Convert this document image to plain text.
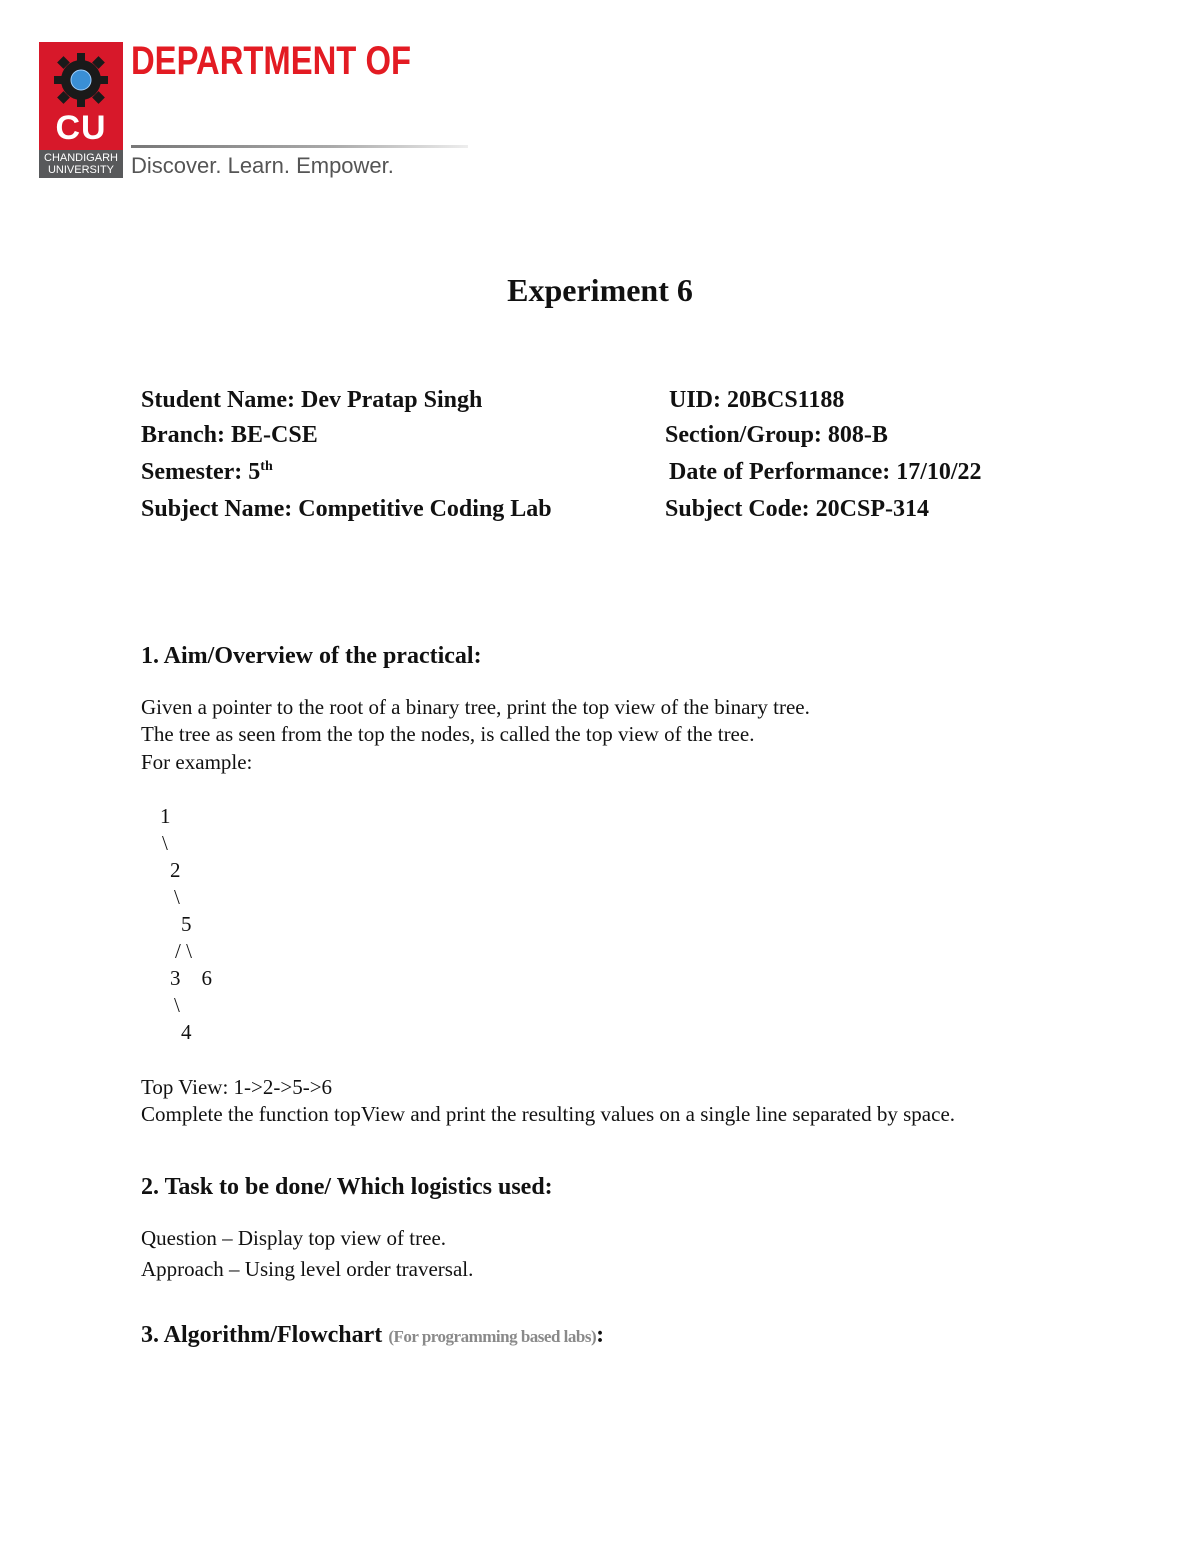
CU
CHANDIGARH
UNIVERSITY
DEPARTMENT OF
Discover. Learn. Empower.
Experiment 6
Student Name: Dev Pratap Singh	UID: 20BCS1188
Branch: BE-CSE	Section/Group: 808-B
Semester: 5th	Date of Performance: 17/10/22
Subject Name: Competitive Coding Lab	Subject Code: 20CSP-314
1. Aim/Overview of the practical:
Given a pointer to the root of a binary tree, print the top view of the binary tree.
The tree as seen from the top the nodes, is called the top view of the tree.
For example:
1
\
2
\
5
/ \
3    6
\
4
Top View: 1->2->5->6
Complete the function topView and print the resulting values on a single line separated by space.
2. Task to be done/ Which logistics used:
Question – Display top view of tree.
Approach – Using level order traversal.
3. Algorithm/Flowchart (For programming based labs):
